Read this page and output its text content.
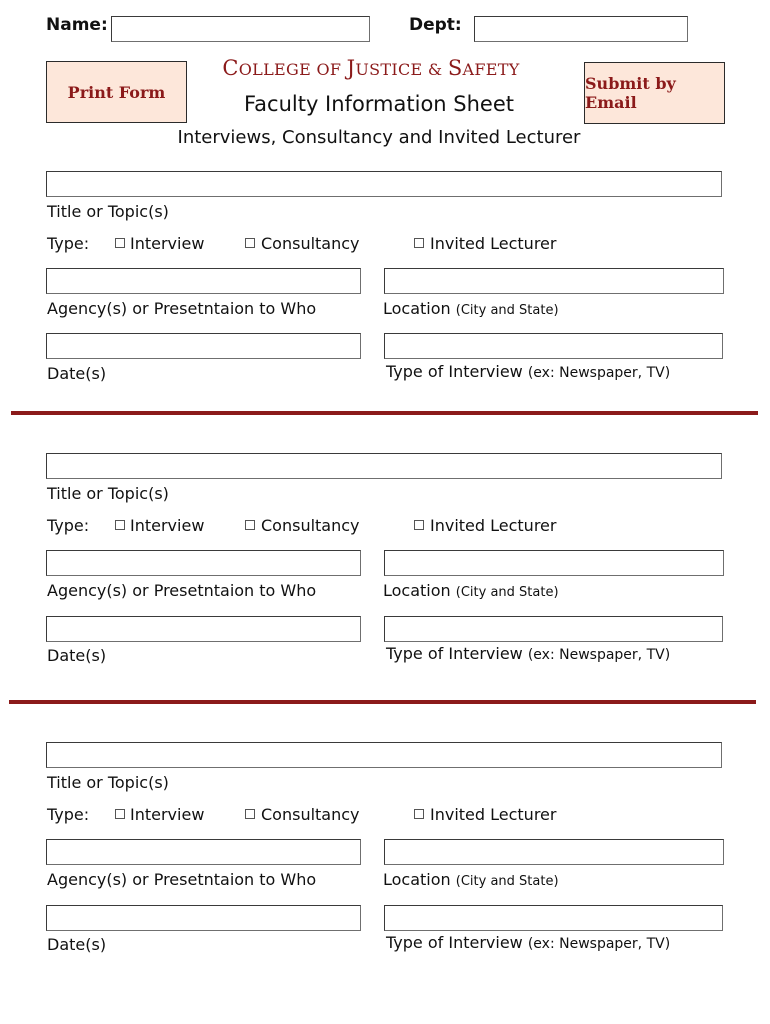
Name:	Dept:
Print Form	Submit by Email
COLLEGE OF JUSTICE & SAFETY
Faculty Information Sheet
Interviews, Consultancy and Invited Lecturer
Title or Topic(s)
Type:	Interview	Consultancy	Invited Lecturer
Agency(s) or Presetntaion to Who	Location (City and State)
Date(s)	Type of Interview (ex: Newspaper, TV)
Title or Topic(s)
Type:	Interview	Consultancy	Invited Lecturer
Agency(s) or Presetntaion to Who	Location (City and State)
Date(s)	Type of Interview (ex: Newspaper, TV)
Title or Topic(s)
Type:	Interview	Consultancy	Invited Lecturer
Agency(s) or Presetntaion to Who	Location (City and State)
Date(s)	Type of Interview (ex: Newspaper, TV)
